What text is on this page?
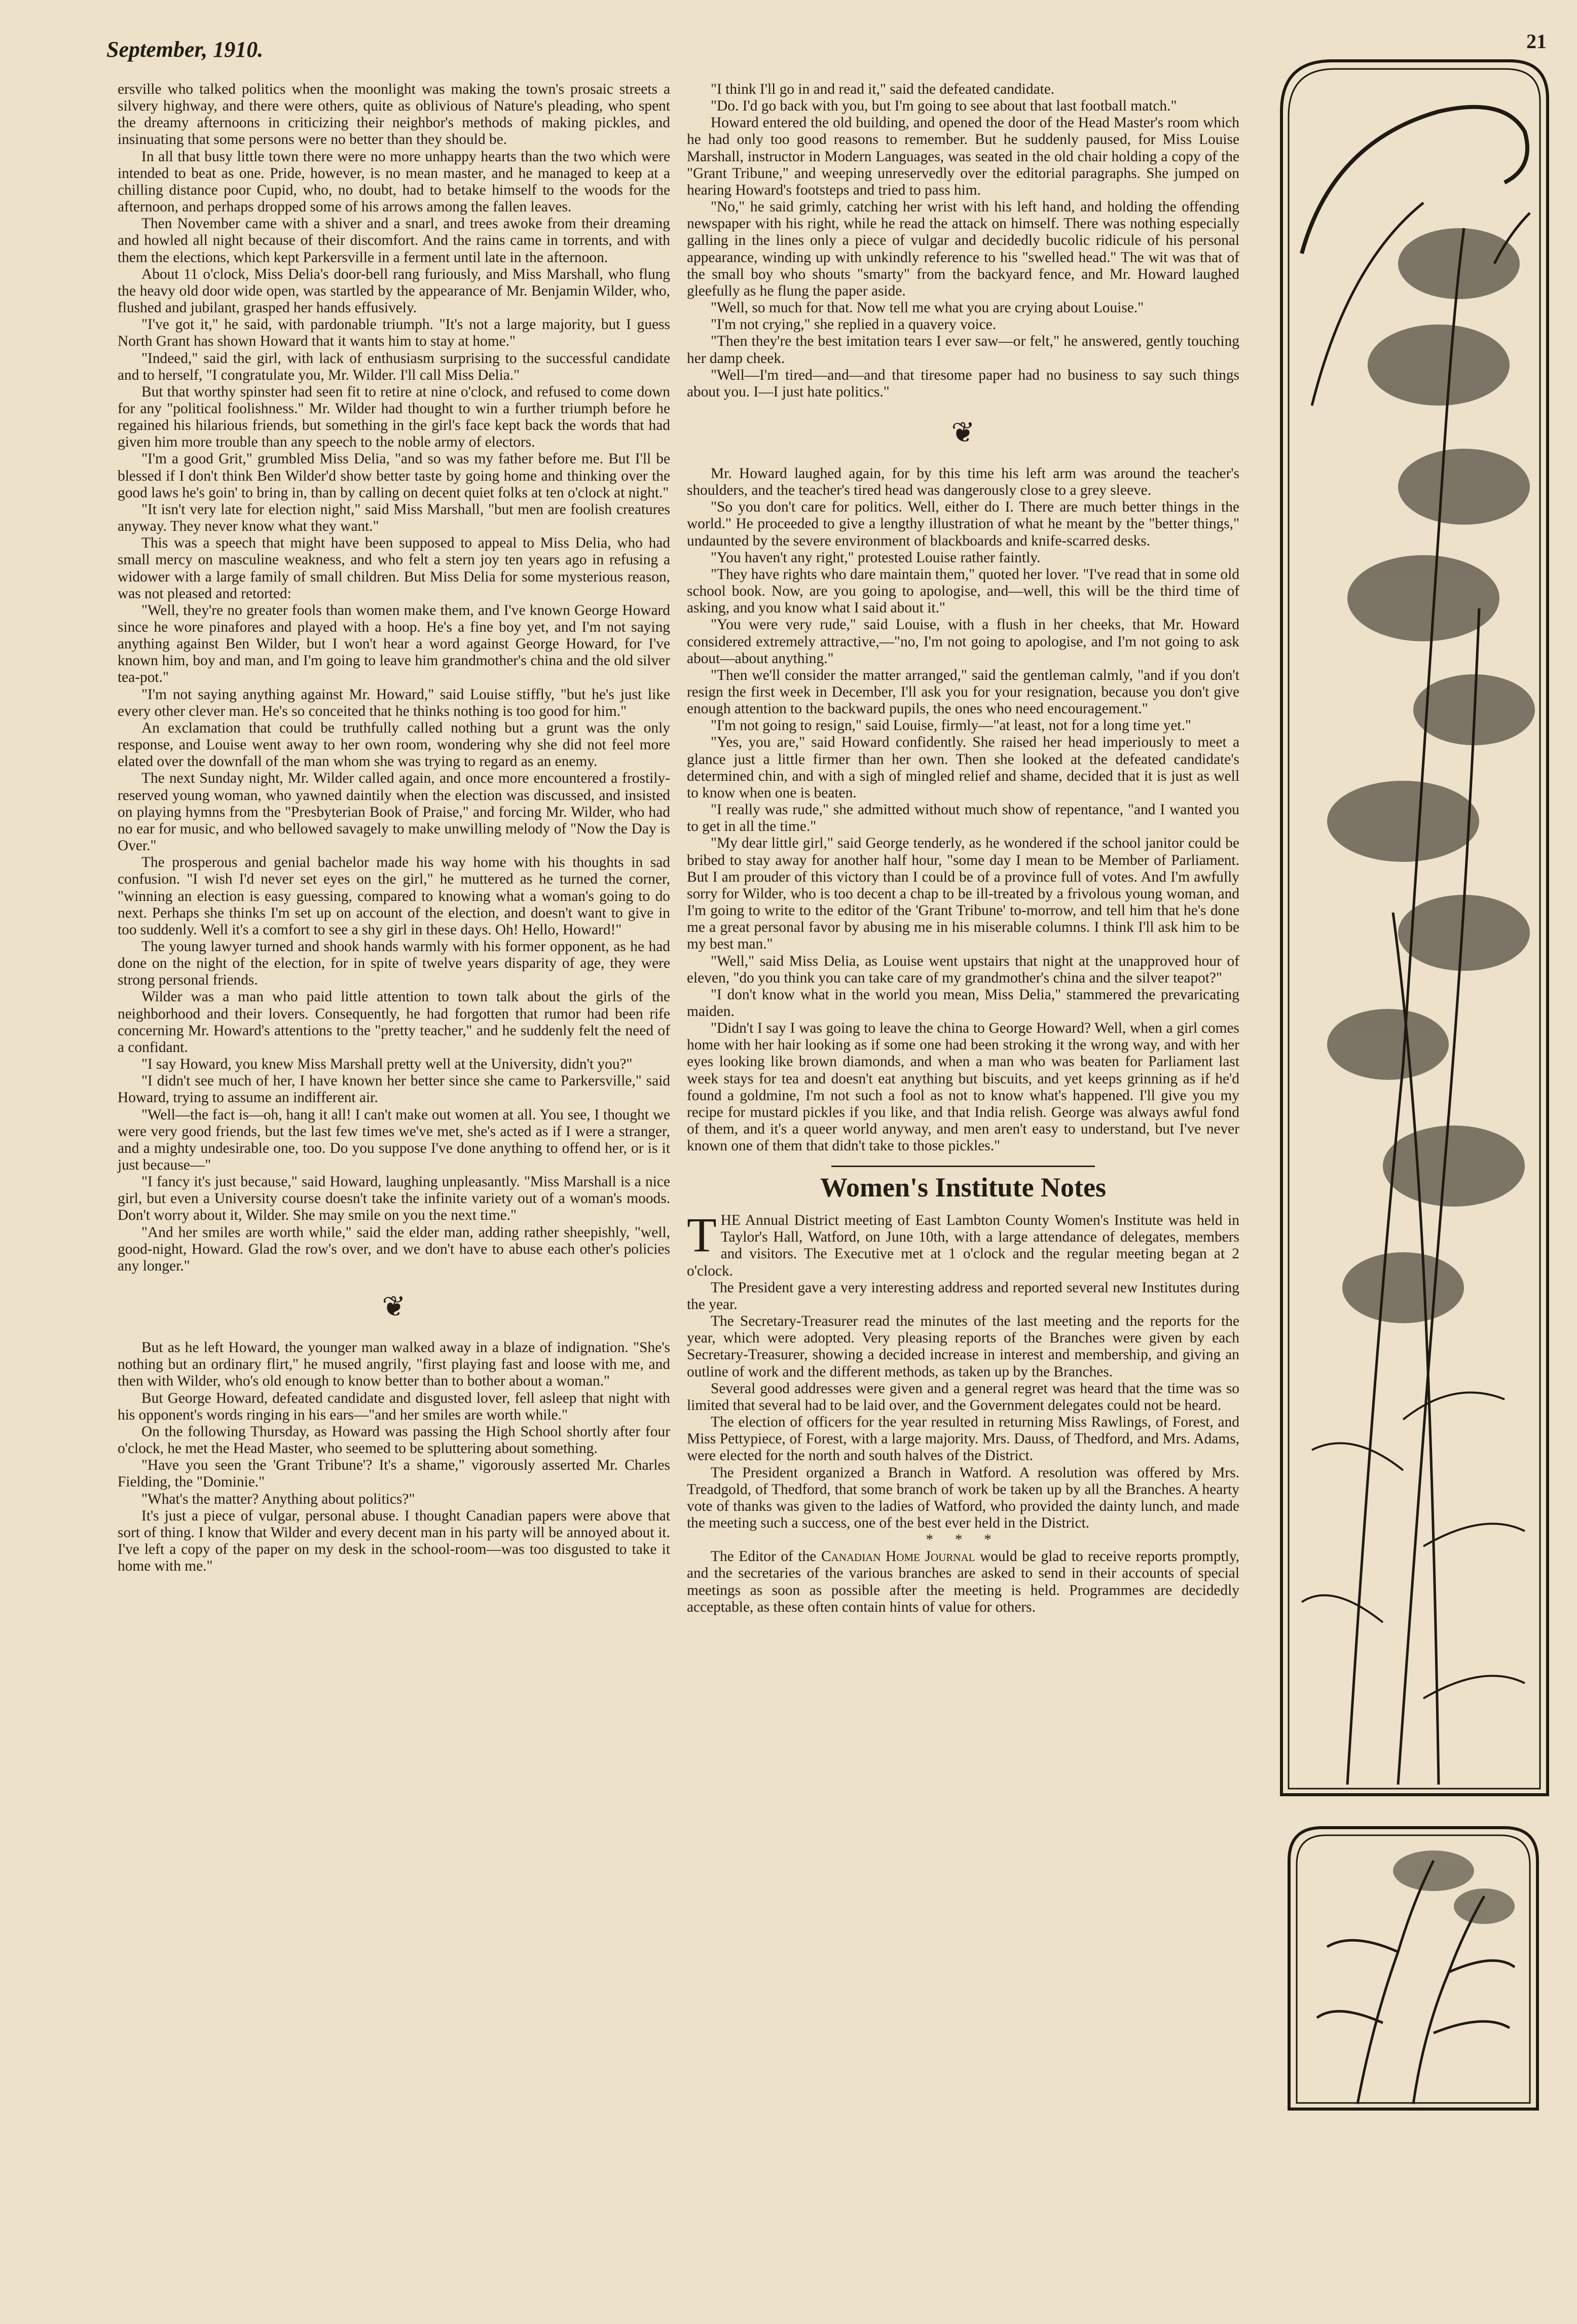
September, 1910.	21

ersville who talked politics when the moonlight was making the town's prosaic streets a silvery highway, and there were others, quite as oblivious of Nature's pleading, who spent the dreamy afternoons in criticizing their neighbor's methods of making pickles, and insinuating that some persons were no better than they should be.

In all that busy little town there were no more unhappy hearts than the two which were intended to beat as one. Pride, however, is no mean master, and he managed to keep at a chilling distance poor Cupid, who, no doubt, had to betake himself to the woods for the afternoon, and perhaps dropped some of his arrows among the fallen leaves.

Then November came with a shiver and a snarl, and trees awoke from their dreaming and howled all night because of their discomfort. And the rains came in torrents, and with them the elections, which kept Parkersville in a ferment until late in the afternoon.

About 11 o'clock, Miss Delia's door-bell rang furiously, and Miss Marshall, who flung the heavy old door wide open, was startled by the appearance of Mr. Benjamin Wilder, who, flushed and jubilant, grasped her hands effusively.

"I've got it," he said, with pardonable triumph. "It's not a large majority, but I guess North Grant has shown Howard that it wants him to stay at home."

"Indeed," said the girl, with lack of enthusiasm surprising to the successful candidate and to herself, "I congratulate you, Mr. Wilder. I'll call Miss Delia."

But that worthy spinster had seen fit to retire at nine o'clock, and refused to come down for any "political foolishness." Mr. Wilder had thought to win a further triumph before he regained his hilarious friends, but something in the girl's face kept back the words that had given him more trouble than any speech to the noble army of electors.

"I'm a good Grit," grumbled Miss Delia, "and so was my father before me. But I'll be blessed if I don't think Ben Wilder'd show better taste by going home and thinking over the good laws he's goin' to bring in, than by calling on decent quiet folks at ten o'clock at night."

"It isn't very late for election night," said Miss Marshall, "but men are foolish creatures anyway. They never know what they want."

This was a speech that might have been supposed to appeal to Miss Delia, who had small mercy on masculine weakness, and who felt a stern joy ten years ago in refusing a widower with a large family of small children. But Miss Delia for some mysterious reason, was not pleased and retorted:

"Well, they're no greater fools than women make them, and I've known George Howard since he wore pinafores and played with a hoop. He's a fine boy yet, and I'm not saying anything against Ben Wilder, but I won't hear a word against George Howard, for I've known him, boy and man, and I'm going to leave him grandmother's china and the old silver tea-pot."

"I'm not saying anything against Mr. Howard," said Louise stiffly, "but he's just like every other clever man. He's so conceited that he thinks nothing is too good for him."

An exclamation that could be truthfully called nothing but a grunt was the only response, and Louise went away to her own room, wondering why she did not feel more elated over the downfall of the man whom she was trying to regard as an enemy.

The next Sunday night, Mr. Wilder called again, and once more encountered a frostily-reserved young woman, who yawned daintily when the election was discussed, and insisted on playing hymns from the "Presbyterian Book of Praise," and forcing Mr. Wilder, who had no ear for music, and who bellowed savagely to make unwilling melody of "Now the Day is Over."

The prosperous and genial bachelor made his way home with his thoughts in sad confusion. "I wish I'd never set eyes on the girl," he muttered as he turned the corner, "winning an election is easy guessing, compared to knowing what a woman's going to do next. Perhaps she thinks I'm set up on account of the election, and doesn't want to give in too suddenly. Well it's a comfort to see a shy girl in these days. Oh! Hello, Howard!"

The young lawyer turned and shook hands warmly with his former opponent, as he had done on the night of the election, for in spite of twelve years disparity of age, they were strong personal friends.

Wilder was a man who paid little attention to town talk about the girls of the neighborhood and their lovers. Consequently, he had forgotten that rumor had been rife concerning Mr. Howard's attentions to the "pretty teacher," and he suddenly felt the need of a confidant.

"I say Howard, you knew Miss Marshall pretty well at the University, didn't you?"

"I didn't see much of her, I have known her better since she came to Parkersville," said Howard, trying to assume an indifferent air.

"Well—the fact is—oh, hang it all! I can't make out women at all. You see, I thought we were very good friends, but the last few times we've met, she's acted as if I were a stranger, and a mighty undesirable one, too. Do you suppose I've done anything to offend her, or is it just because—"

"I fancy it's just because," said Howard, laughing unpleasantly. "Miss Marshall is a nice girl, but even a University course doesn't take the infinite variety out of a woman's moods. Don't worry about it, Wilder. She may smile on you the next time."

"And her smiles are worth while," said the elder man, adding rather sheepishly, "well, good-night, Howard. Glad the row's over, and we don't have to abuse each other's policies any longer."

❦

But as he left Howard, the younger man walked away in a blaze of indignation. "She's nothing but an ordinary flirt," he mused angrily, "first playing fast and loose with me, and then with Wilder, who's old enough to know better than to bother about a woman."

But George Howard, defeated candidate and disgusted lover, fell asleep that night with his opponent's words ringing in his ears—"and her smiles are worth while."

On the following Thursday, as Howard was passing the High School shortly after four o'clock, he met the Head Master, who seemed to be spluttering about something.

"Have you seen the 'Grant Tribune'? It's a shame," vigorously asserted Mr. Charles Fielding, the "Dominie."

"What's the matter? Anything about politics?"

It's just a piece of vulgar, personal abuse. I thought Canadian papers were above that sort of thing. I know that Wilder and every decent man in his party will be annoyed about it. I've left a copy of the paper on my desk in the school-room—was too disgusted to take it home with me."

"I think I'll go in and read it," said the defeated candidate.

"Do. I'd go back with you, but I'm going to see about that last football match."

Howard entered the old building, and opened the door of the Head Master's room which he had only too good reasons to remember. But he suddenly paused, for Miss Louise Marshall, instructor in Modern Languages, was seated in the old chair holding a copy of the "Grant Tribune," and weeping unreservedly over the editorial paragraphs. She jumped on hearing Howard's footsteps and tried to pass him.

"No," he said grimly, catching her wrist with his left hand, and holding the offending newspaper with his right, while he read the attack on himself. There was nothing especially galling in the lines only a piece of vulgar and decidedly bucolic ridicule of his personal appearance, winding up with unkindly reference to his "swelled head." The wit was that of the small boy who shouts "smarty" from the backyard fence, and Mr. Howard laughed gleefully as he flung the paper aside.

"Well, so much for that. Now tell me what you are crying about Louise."

"I'm not crying," she replied in a quavery voice.

"Then they're the best imitation tears I ever saw—or felt," he answered, gently touching her damp cheek.

"Well—I'm tired—and—and that tiresome paper had no business to say such things about you. I—I just hate politics."

❦

Mr. Howard laughed again, for by this time his left arm was around the teacher's shoulders, and the teacher's tired head was dangerously close to a grey sleeve.

"So you don't care for politics. Well, either do I. There are much better things in the world." He proceeded to give a lengthy illustration of what he meant by the "better things," undaunted by the severe environment of blackboards and knife-scarred desks.

"You haven't any right," protested Louise rather faintly.

"They have rights who dare maintain them," quoted her lover. "I've read that in some old school book. Now, are you going to apologise, and—well, this will be the third time of asking, and you know what I said about it."

"You were very rude," said Louise, with a flush in her cheeks, that Mr. Howard considered extremely attractive,—"no, I'm not going to apologise, and I'm not going to ask about—about anything."

"Then we'll consider the matter arranged," said the gentleman calmly, "and if you don't resign the first week in December, I'll ask you for your resignation, because you don't give enough attention to the backward pupils, the ones who need encouragement."

"I'm not going to resign," said Louise, firmly—"at least, not for a long time yet."

"Yes, you are," said Howard confidently. She raised her head imperiously to meet a glance just a little firmer than her own. Then she looked at the defeated candidate's determined chin, and with a sigh of mingled relief and shame, decided that it is just as well to know when one is beaten.

"I really was rude," she admitted without much show of repentance, "and I wanted you to get in all the time."

"My dear little girl," said George tenderly, as he wondered if the school janitor could be bribed to stay away for another half hour, "some day I mean to be Member of Parliament. But I am prouder of this victory than I could be of a province full of votes. And I'm awfully sorry for Wilder, who is too decent a chap to be ill-treated by a frivolous young woman, and I'm going to write to the editor of the 'Grant Tribune' to-morrow, and tell him that he's done me a great personal favor by abusing me in his miserable columns. I think I'll ask him to be my best man."

"Well," said Miss Delia, as Louise went upstairs that night at the unapproved hour of eleven, "do you think you can take care of my grandmother's china and the silver teapot?"

"I don't know what in the world you mean, Miss Delia," stammered the prevaricating maiden.

"Didn't I say I was going to leave the china to George Howard? Well, when a girl comes home with her hair looking as if some one had been stroking it the wrong way, and with her eyes looking like brown diamonds, and when a man who was beaten for Parliament last week stays for tea and doesn't eat anything but biscuits, and yet keeps grinning as if he'd found a goldmine, I'm not such a fool as not to know what's happened. I'll give you my recipe for mustard pickles if you like, and that India relish. George was always awful fond of them, and it's a queer world anyway, and men aren't easy to understand, but I've never known one of them that didn't take to those pickles."

Women's Institute Notes

THE Annual District meeting of East Lambton County Women's Institute was held in Taylor's Hall, Watford, on June 10th, with a large attendance of delegates, members and visitors. The Executive met at 1 o'clock and the regular meeting began at 2 o'clock.

The President gave a very interesting address and reported several new Institutes during the year.

The Secretary-Treasurer read the minutes of the last meeting and the reports for the year, which were adopted. Very pleasing reports of the Branches were given by each Secretary-Treasurer, showing a decided increase in interest and membership, and giving an outline of work and the different methods, as taken up by the Branches.

Several good addresses were given and a general regret was heard that the time was so limited that several had to be laid over, and the Government delegates could not be heard.

The election of officers for the year resulted in returning Miss Rawlings, of Forest, and Miss Pettypiece, of Forest, with a large majority. Mrs. Dauss, of Thedford, and Mrs. Adams, were elected for the north and south halves of the District.

The President organized a Branch in Watford. A resolution was offered by Mrs. Treadgold, of Thedford, that some branch of work be taken up by all the Branches. A hearty vote of thanks was given to the ladies of Watford, who provided the dainty lunch, and made the meeting such a success, one of the best ever held in the District.

* * *

The Editor of the Canadian Home Journal would be glad to receive reports promptly, and the secretaries of the various branches are asked to send in their accounts of special meetings as soon as possible after the meeting is held. Programmes are decidedly acceptable, as these often contain hints of value for others.
